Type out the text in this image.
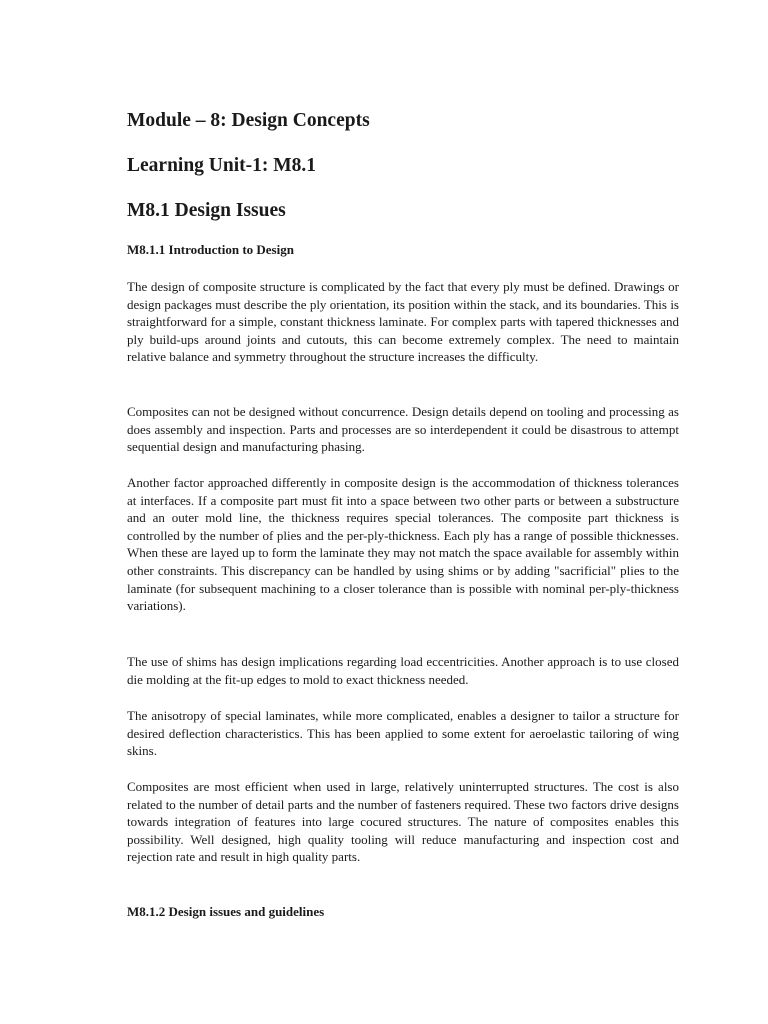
Module – 8: Design Concepts
Learning Unit-1: M8.1
M8.1 Design Issues
M8.1.1 Introduction to Design

The design of composite structure is complicated by the fact that every ply must be defined. Drawings or design packages must describe the ply orientation, its position within the stack, and its boundaries. This is straightforward for a simple, constant thickness laminate. For complex parts with tapered thicknesses and ply build-ups around joints and cutouts, this can become extremely complex. The need to maintain relative balance and symmetry throughout the structure increases the difficulty.

Composites can not be designed without concurrence. Design details depend on tooling and processing as does assembly and inspection. Parts and processes are so interdependent it could be disastrous to attempt sequential design and manufacturing phasing.

Another factor approached differently in composite design is the accommodation of thickness tolerances at interfaces. If a composite part must fit into a space between two other parts or between a substructure and an outer mold line, the thickness requires special tolerances. The composite part thickness is controlled by the number of plies and the per-ply-thickness. Each ply has a range of possible thicknesses. When these are layed up to form the laminate they may not match the space available for assembly within other constraints. This discrepancy can be handled by using shims or by adding "sacrificial" plies to the laminate (for subsequent machining to a closer tolerance than is possible with nominal per-ply-thickness variations).

The use of shims has design implications regarding load eccentricities. Another approach is to use closed die molding at the fit-up edges to mold to exact thickness needed.

The anisotropy of special laminates, while more complicated, enables a designer to tailor a structure for desired deflection characteristics. This has been applied to some extent for aeroelastic tailoring of wing skins.

Composites are most efficient when used in large, relatively uninterrupted structures. The cost is also related to the number of detail parts and the number of fasteners required. These two factors drive designs towards integration of features into large cocured structures. The nature of composites enables this possibility. Well designed, high quality tooling will reduce manufacturing and inspection cost and rejection rate and result in high quality parts.

M8.1.2 Design issues and guidelines
